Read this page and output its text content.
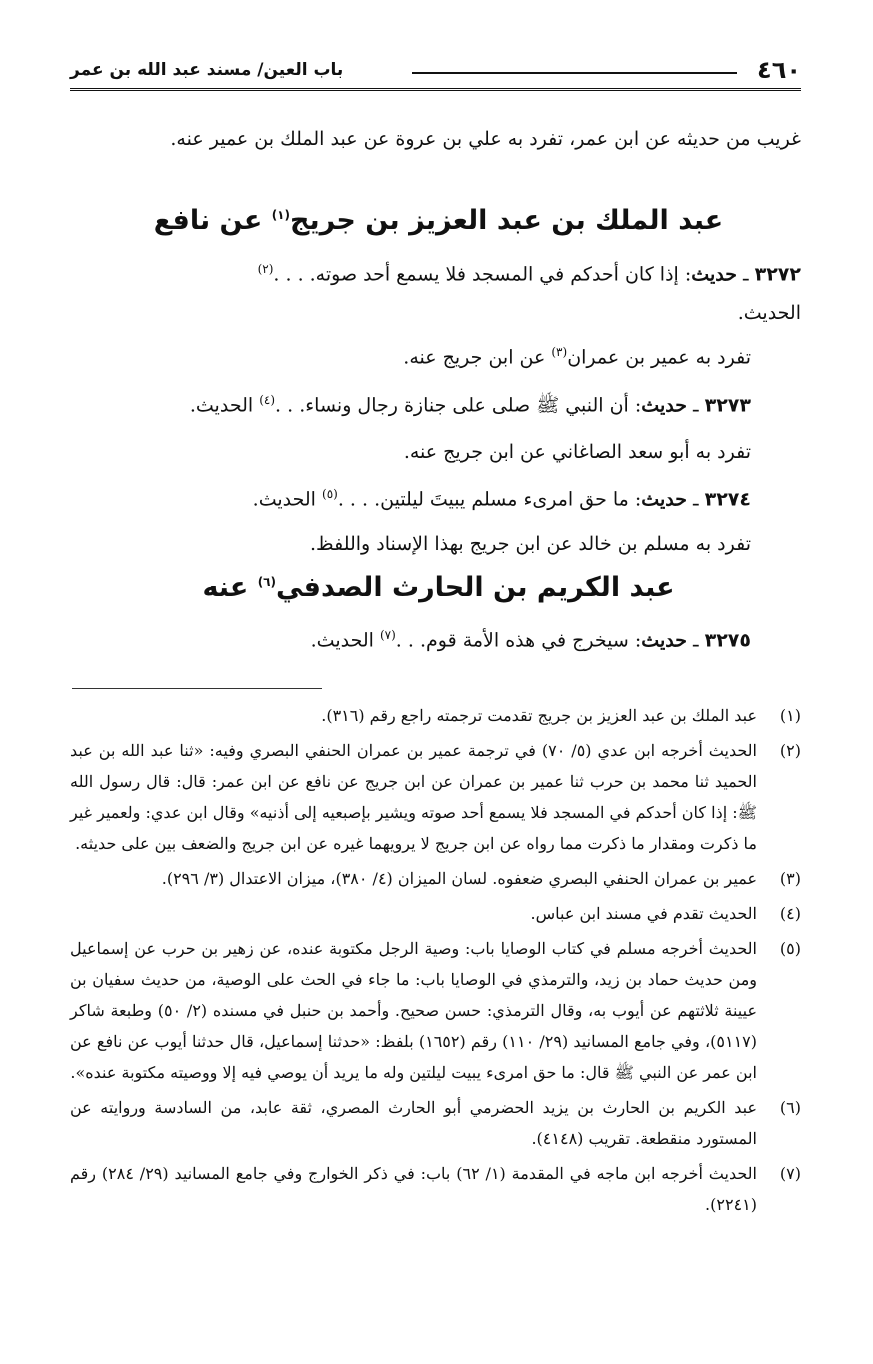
٤٦٠
باب العين/ مسند عبد الله بن عمر
غريب من حديثه عن ابن عمر، تفرد به علي بن عروة عن عبد الملك بن عمير عنه.
عبد الملك بن عبد العزيز بن جريج$^{(١)}$ عن نافع
٣٢٧٢ ـ حديث: إذا كان أحدكم في المسجد فلا يسمع أحد صوته. . . .$^{(٢)}$
الحديث.
تفرد به عمير بن عمران$^{(٣)}$ عن ابن جريج عنه.
٣٢٧٣ ـ حديث: أن النبي ﷺ صلى على جنازة رجال ونساء. . .$^{(٤)}$ الحديث.
تفرد به أبو سعد الصاغاني عن ابن جريج عنه.
٣٢٧٤ ـ حديث: ما حق امرىء مسلم يبيتَ ليلتين. . . .$^{(٥)}$ الحديث.
تفرد به مسلم بن خالد عن ابن جريج بهذا الإسناد واللفظ.
عبد الكريم بن الحارث الصدفي$^{(٦)}$ عنه
٣٢٧٥ ـ حديث: سيخرج في هذه الأمة قوم. . .$^{(٧)}$ الحديث.
(١)
عبد الملك بن عبد العزيز بن جريج تقدمت ترجمته راجع رقم (٣١٦).
(٢)
الحديث أخرجه ابن عدي (٥/ ٧٠) في ترجمة عمير بن عمران الحنفي البصري وفيه: «ثنا عبد الله بن عبد الحميد ثنا محمد بن حرب ثنا عمير بن عمران عن ابن جريج عن نافع عن ابن عمر: قال: قال رسول الله ﷺ: إذا كان أحدكم في المسجد فلا يسمع أحد صوته ويشير بإصبعيه إلى أذنيه» وقال ابن عدي: ولعمير غير ما ذكرت ومقدار ما ذكرت مما رواه عن ابن جريج لا يرويهما غيره عن ابن جريج والضعف بين على حديثه.
(٣)
عمير بن عمران الحنفي البصري ضعفوه. لسان الميزان (٤/ ٣٨٠)، ميزان الاعتدال (٣/ ٢٩٦).
(٤)
الحديث تقدم في مسند ابن عباس.
(٥)
الحديث أخرجه مسلم في كتاب الوصايا باب: وصية الرجل مكتوبة عنده، عن زهير بن حرب عن إسماعيل ومن حديث حماد بن زيد، والترمذي في الوصايا باب: ما جاء في الحث على الوصية، من حديث سفيان بن عيينة ثلاثتهم عن أيوب به، وقال الترمذي: حسن صحيح. وأحمد بن حنبل في مسنده (٢/ ٥٠) وطبعة شاكر (٥١١٧)، وفي جامع المسانيد (٢٩/ ١١٠) رقم (١٦٥٢) بلفظ: «حدثنا إسماعيل، قال حدثنا أيوب عن نافع عن ابن عمر عن النبي ﷺ قال: ما حق امرىء يبيت ليلتين وله ما يريد أن يوصي فيه إلا ووصيته مكتوبة عنده».
(٦)
عبد الكريم بن الحارث بن يزيد الحضرمي أبو الحارث المصري، ثقة عابد، من السادسة وروايته عن المستورد منقطعة. تقريب (٤١٤٨).
(٧)
الحديث أخرجه ابن ماجه في المقدمة (١/ ٦٢) باب: في ذكر الخوارج وفي جامع المسانيد (٢٩/ ٢٨٤) رقم (٢٢٤١).
